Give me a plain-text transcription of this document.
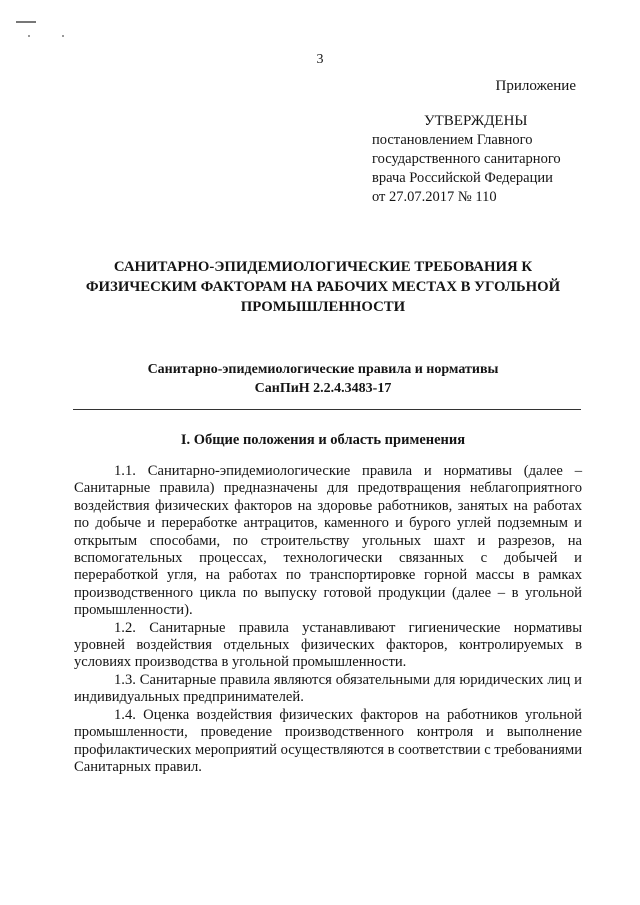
3
Приложение
УТВЕРЖДЕНЫ
постановлением Главного
государственного санитарного
врача Российской Федерации
от 27.07.2017 № 110
САНИТАРНО-ЭПИДЕМИОЛОГИЧЕСКИЕ ТРЕБОВАНИЯ К
ФИЗИЧЕСКИМ ФАКТОРАМ НА РАБОЧИХ МЕСТАХ В УГОЛЬНОЙ
ПРОМЫШЛЕННОСТИ
Санитарно-эпидемиологические правила и нормативы
СанПиН 2.2.4.3483-17
I. Общие положения и область применения

1.1. Санитарно-эпидемиологические правила и нормативы (далее – Санитарные правила) предназначены для предотвращения неблагоприятного воздействия физических факторов на здоровье работников, занятых на работах по добыче и переработке антрацитов, каменного и бурого углей подземным и открытым способами, по строительству угольных шахт и разрезов, на вспомогательных процессах, технологически связанных с добычей и переработкой угля, на работах по транспортировке горной массы в рамках производственного цикла по выпуску готовой продукции (далее – в угольной промышленности).

1.2. Санитарные правила устанавливают гигиенические нормативы уровней воздействия отдельных физических факторов, контролируемых в условиях производства в угольной промышленности.

1.3. Санитарные правила являются обязательными для юридических лиц и индивидуальных предпринимателей.

1.4. Оценка воздействия физических факторов на работников угольной промышленности, проведение производственного контроля и выполнение профилактических мероприятий осуществляются в соответствии с требованиями Санитарных правил.
